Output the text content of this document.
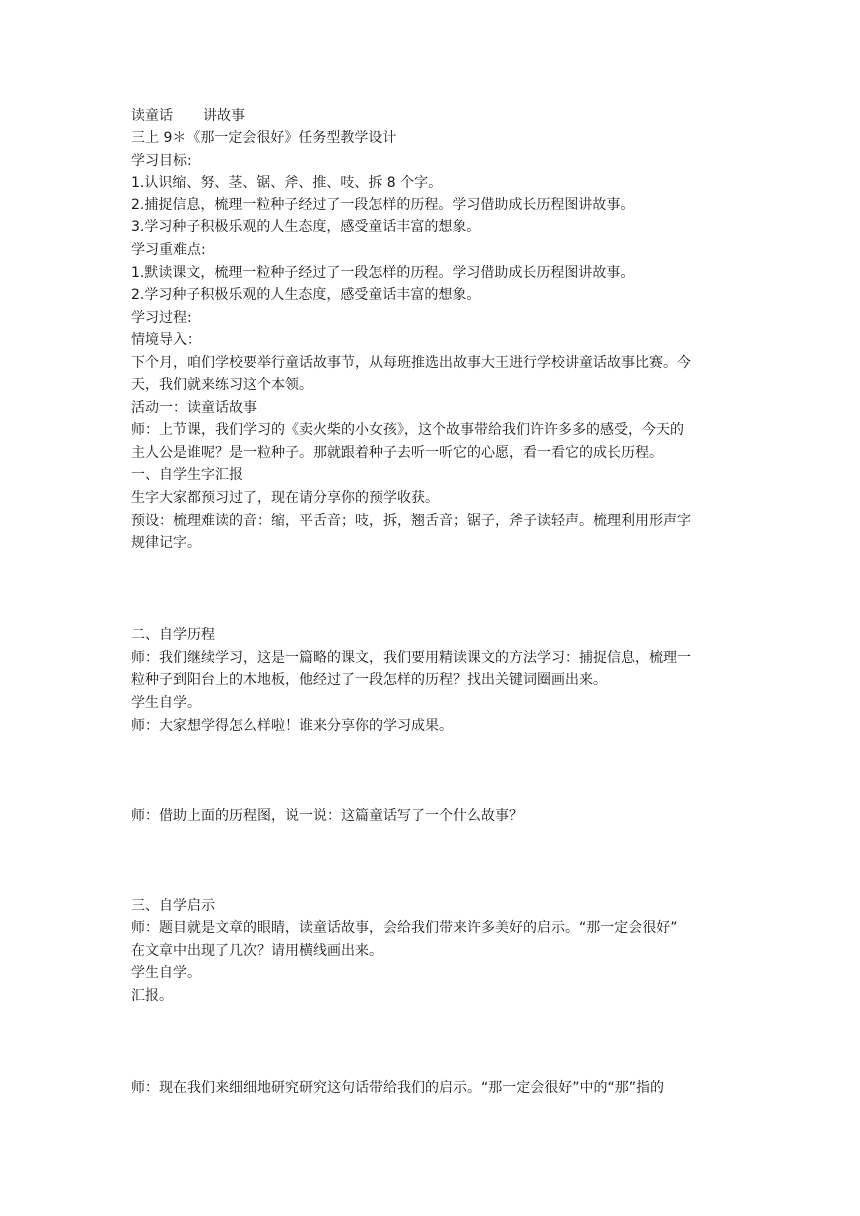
读童话 讲故事
三上 9＊《那一定会很好》任务型教学设计
学习目标:
1.认识缩、努、茎、锯、斧、推、吱、拆 8 个字。
2.捕捉信息，梳理一粒种子经过了一段怎样的历程。学习借助成长历程图讲故事。
3.学习种子积极乐观的人生态度，感受童话丰富的想象。
学习重难点:
1.默读课文，梳理一粒种子经过了一段怎样的历程。学习借助成长历程图讲故事。
2.学习种子积极乐观的人生态度，感受童话丰富的想象。
学习过程:
情境导入：
下个月，咱们学校要举行童话故事节，从每班推选出故事大王进行学校讲童话故事比赛。今
天，我们就来练习这个本领。
活动一：读童话故事
师：上节课，我们学习的《卖火柴的小女孩》，这个故事带给我们许许多多的感受，今天的
主人公是谁呢？是一粒种子。那就跟着种子去听一听它的心愿，看一看它的成长历程。
一、自学生字汇报
生字大家都预习过了，现在请分享你的预学收获。
预设：梳理难读的音：缩，平舌音；吱，拆，翘舌音；锯子，斧子读轻声。梳理利用形声字
规律记字。
二、自学历程
师：我们继续学习，这是一篇略的课文，我们要用精读课文的方法学习：捕捉信息，梳理一
粒种子到阳台上的木地板，他经过了一段怎样的历程？找出关键词圈画出来。
学生自学。
师：大家想学得怎么样啦！谁来分享你的学习成果。
师：借助上面的历程图，说一说：这篇童话写了一个什么故事？
三、自学启示
师：题目就是文章的眼睛，读童话故事，会给我们带来许多美好的启示。“那一定会很好”
在文章中出现了几次？请用横线画出来。
学生自学。
汇报。
师：现在我们来细细地研究研究这句话带给我们的启示。“那一定会很好”中的“那”指的
